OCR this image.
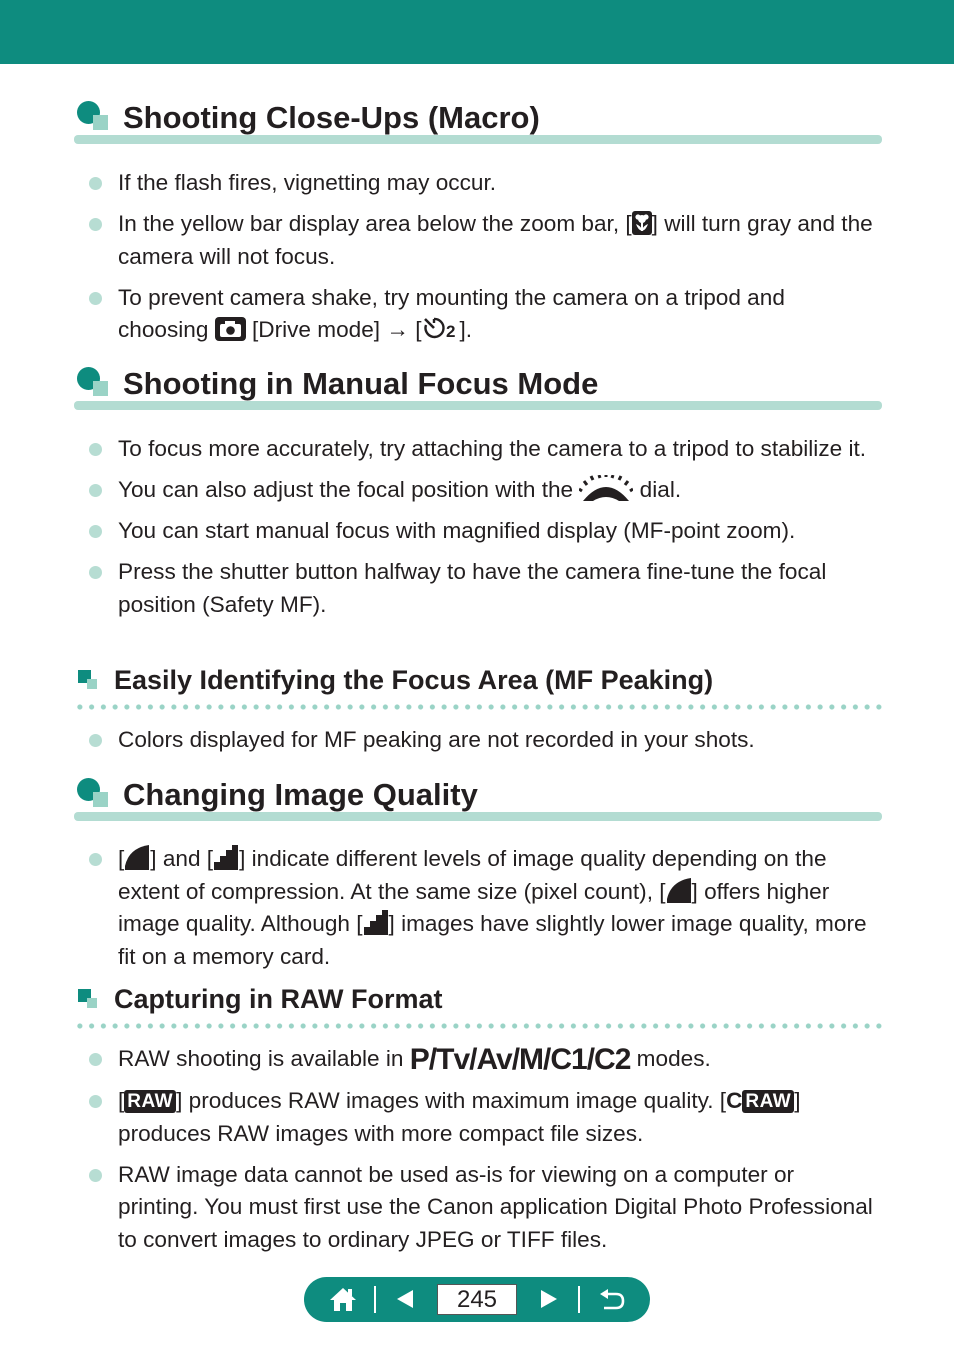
Shooting Close-Ups (Macro)
If the flash fires, vignetting may occur.
In the yellow bar display area below the zoom bar, [ ] will turn gray and the camera will not focus.
To prevent camera shake, try mounting the camera on a tripod and choosing  [Drive mode] → [ 2 ].
Shooting in Manual Focus Mode
To focus more accurately, try attaching the camera to a tripod to stabilize it.
You can also adjust the focal position with the  dial.
You can start manual focus with magnified display (MF-point zoom).
Press the shutter button halfway to have the camera fine-tune the focal position (Safety MF).
Easily Identifying the Focus Area (MF Peaking)
Colors displayed for MF peaking are not recorded in your shots.
Changing Image Quality
[ ] and [ ] indicate different levels of image quality depending on the extent of compression. At the same size (pixel count), [ ] offers higher image quality. Although [ ] images have slightly lower image quality, more fit on a memory card.
Capturing in RAW Format
RAW shooting is available in P/Tv/Av/M/C1/C2 modes.
[ RAW ] produces RAW images with maximum image quality. [C RAW ] produces RAW images with more compact file sizes.
RAW image data cannot be used as-is for viewing on a computer or printing. You must first use the Canon application Digital Photo Professional to convert images to ordinary JPEG or TIFF files.
245
